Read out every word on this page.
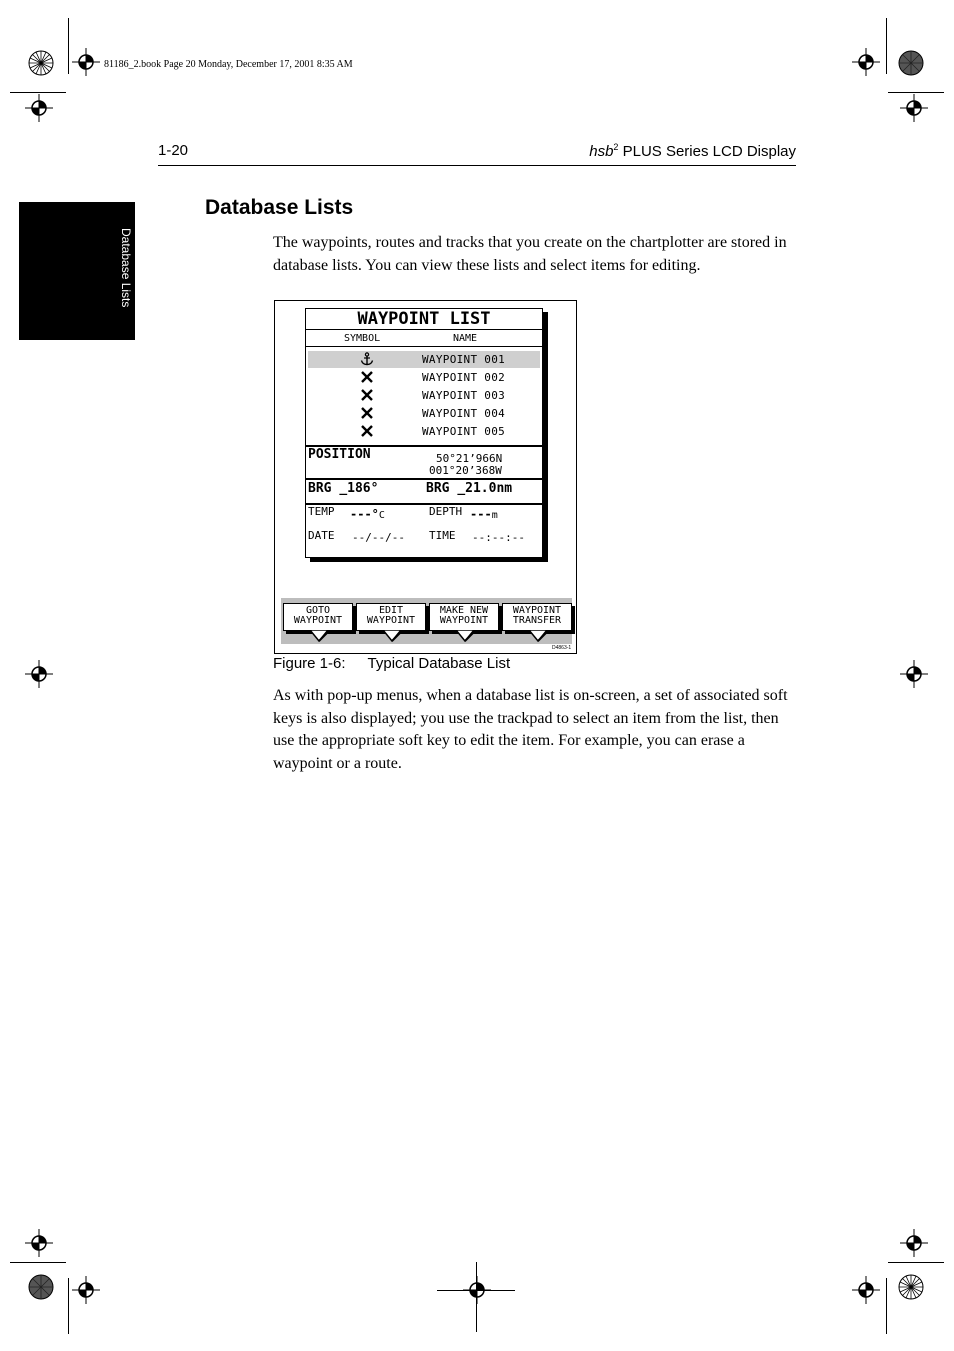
81186_2.book Page 20 Monday, December 17, 2001 8:35 AM
1-20	hsb$^2$ PLUS Series LCD Display
Database Lists
Database Lists
The waypoints, routes and tracks that you create on the chartplotter are stored in database lists. You can view these lists and select items for editing.
WAYPOINT LIST
SYMBOL	NAME
WAYPOINT 001
WAYPOINT 002
WAYPOINT 003
WAYPOINT 004
WAYPOINT 005
POSITION	50°21’966N
001°20’368W
BRG _186°	BRG _21.0nm
TEMP ---°C	DEPTH ---m
DATE --/--/-- TIME --:--:--
GOTO
WAYPOINT
EDIT
WAYPOINT
MAKE NEW
WAYPOINT
WAYPOINT
TRANSFER
D4863-1
Figure 1-6: Typical Database List
As with pop-up menus, when a database list is on-screen, a set of associated soft keys is also displayed; you use the trackpad to select an item from the list, then use the appropriate soft key to edit the item. For example, you can erase a waypoint or a route.
